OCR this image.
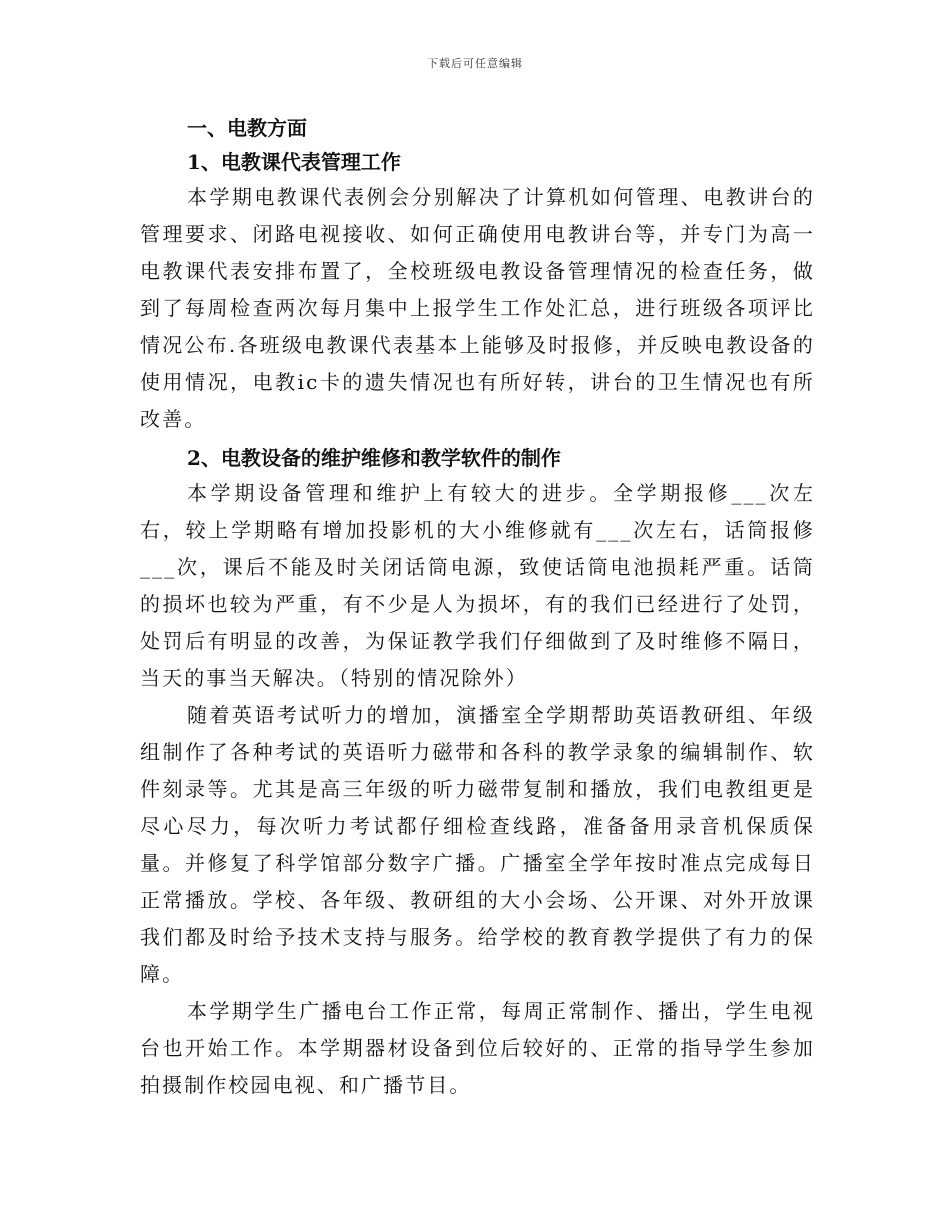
下载后可任意编辑
一、电教方面
1、电教课代表管理工作

本学期电教课代表例会分别解决了计算机如何管理、电教讲台的管理要求、闭路电视接收、如何正确使用电教讲台等，并专门为高一电教课代表安排布置了，全校班级电教设备管理情况的检查任务，做到了每周检查两次每月集中上报学生工作处汇总，进行班级各项评比情况公布.各班级电教课代表基本上能够及时报修，并反映电教设备的使用情况，电教ic卡的遗失情况也有所好转，讲台的卫生情况也有所改善。

2、电教设备的维护维修和教学软件的制作

本学期设备管理和维护上有较大的进步。全学期报修___次左右，较上学期略有增加投影机的大小维修就有___次左右，话筒报修___次，课后不能及时关闭话筒电源，致使话筒电池损耗严重。话筒的损坏也较为严重，有不少是人为损坏，有的我们已经进行了处罚，处罚后有明显的改善，为保证教学我们仔细做到了及时维修不隔日，当天的事当天解决。（特别的情况除外）

随着英语考试听力的增加，演播室全学期帮助英语教研组、年级组制作了各种考试的英语听力磁带和各科的教学录象的编辑制作、软件刻录等。尤其是高三年级的听力磁带复制和播放，我们电教组更是尽心尽力，每次听力考试都仔细检查线路，准备备用录音机保质保量。并修复了科学馆部分数字广播。广播室全学年按时准点完成每日正常播放。学校、各年级、教研组的大小会场、公开课、对外开放课我们都及时给予技术支持与服务。给学校的教育教学提供了有力的保障。

本学期学生广播电台工作正常，每周正常制作、播出，学生电视台也开始工作。本学期器材设备到位后较好的、正常的指导学生参加拍摄制作校园电视、和广播节目。
